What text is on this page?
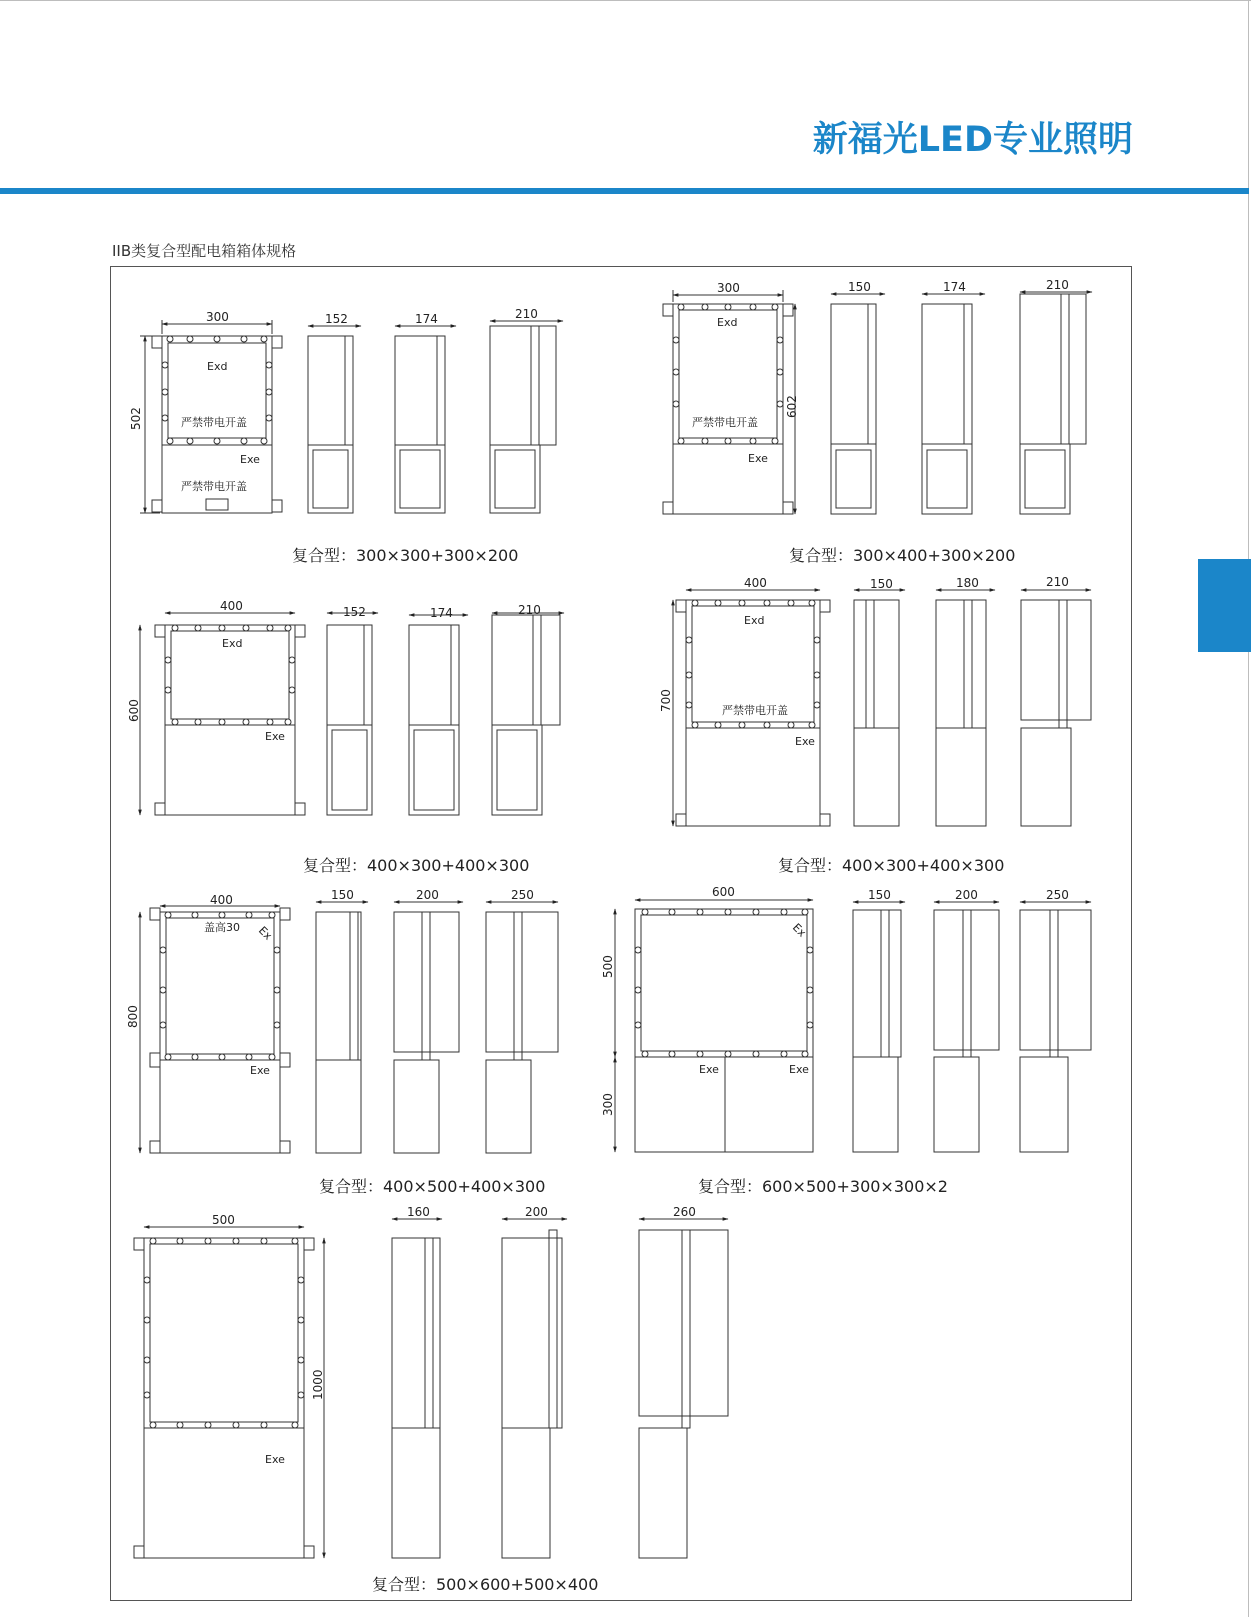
新福光LED专业照明
IIB类复合型配电箱箱体规格
复合型：300×300+300×200	复合型：300×400+300×200
复合型：400×300+400×300	复合型：400×300+400×300
复合型：400×500+400×300	复合型：600×500+300×300×2
复合型：500×600+500×400
300
502
152	174	210
Exd
严禁带电开盖
Exe
严禁带电开盖
300
602
150	174	210
Exd
严禁带电开盖
Exe
400
600
152	174	210
Exd
Exe
400
700
150	180	210
Exd
严禁带电开盖
Exe
400
800
150	200	250
盖高30 Ex
Exe
600
500
300
150	200	250
Ex
Exe	Exe
500
1000
160	200	260
Exe
